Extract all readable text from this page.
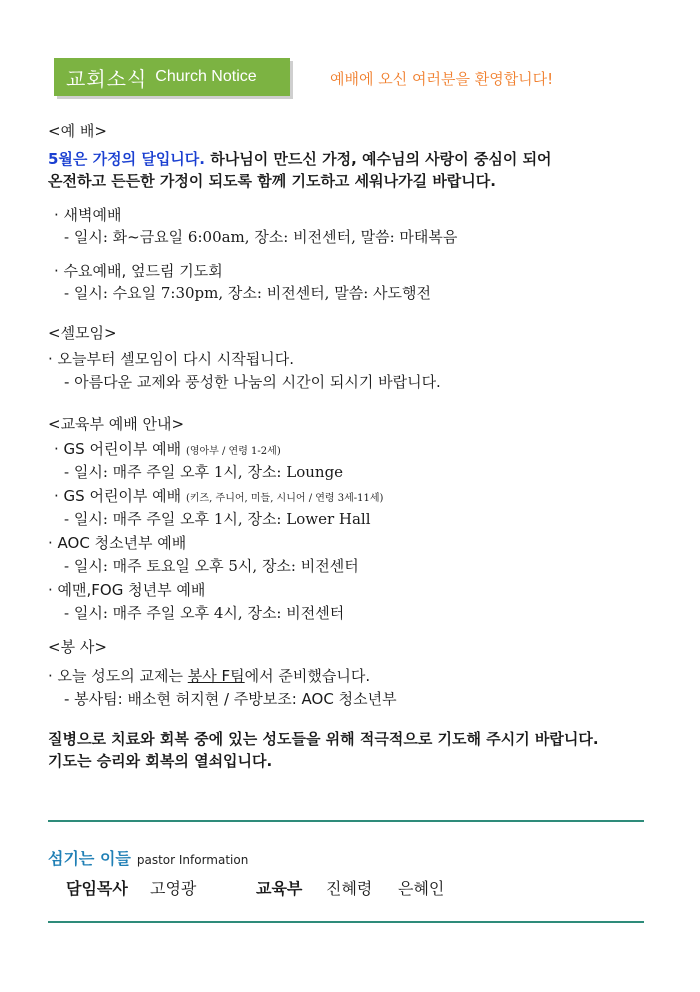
교회소식 Church Notice	예배에 오신 여러분을 환영합니다!
<예 배>
5월은 가정의 달입니다. 하나님이 만드신 가정, 예수님의 사랑이 중심이 되어
온전하고 든든한 가정이 되도록 함께 기도하고 세워나가길 바랍니다.
· 새벽예배
- 일시: 화~금요일 6:00am, 장소: 비전센터, 말씀: 마태복음
· 수요예배, 엎드림 기도회
- 일시: 수요일 7:30pm, 장소: 비전센터, 말씀: 사도행전
<셀모임>
· 오늘부터 셀모임이 다시 시작됩니다.
- 아름다운 교제와 풍성한 나눔의 시간이 되시기 바랍니다.
<교육부 예배 안내>
· GS 어린이부 예배 (영아부 / 연령 1-2세)
- 일시: 매주 주일 오후 1시, 장소: Lounge
· GS 어린이부 예배 (키즈, 주니어, 미들, 시니어 / 연령 3세-11세)
- 일시: 매주 주일 오후 1시, 장소: Lower Hall
· AOC 청소년부 예배
- 일시: 매주 토요일 오후 5시, 장소: 비전센터
· 예맨,FOG 청년부 예배
- 일시: 매주 주일 오후 4시, 장소: 비전센터
<봉 사>
· 오늘 성도의 교제는 봉사 F팀에서 준비했습니다.
- 봉사팀: 배소현 허지현 / 주방보조: AOC 청소년부
질병으로 치료와 회복 중에 있는 성도들을 위해 적극적으로 기도해 주시기 바랍니다.
기도는 승리와 회복의 열쇠입니다.
섬기는 이들 pastor Information
담임목사 고영광	교육부 진혜령 은혜인
